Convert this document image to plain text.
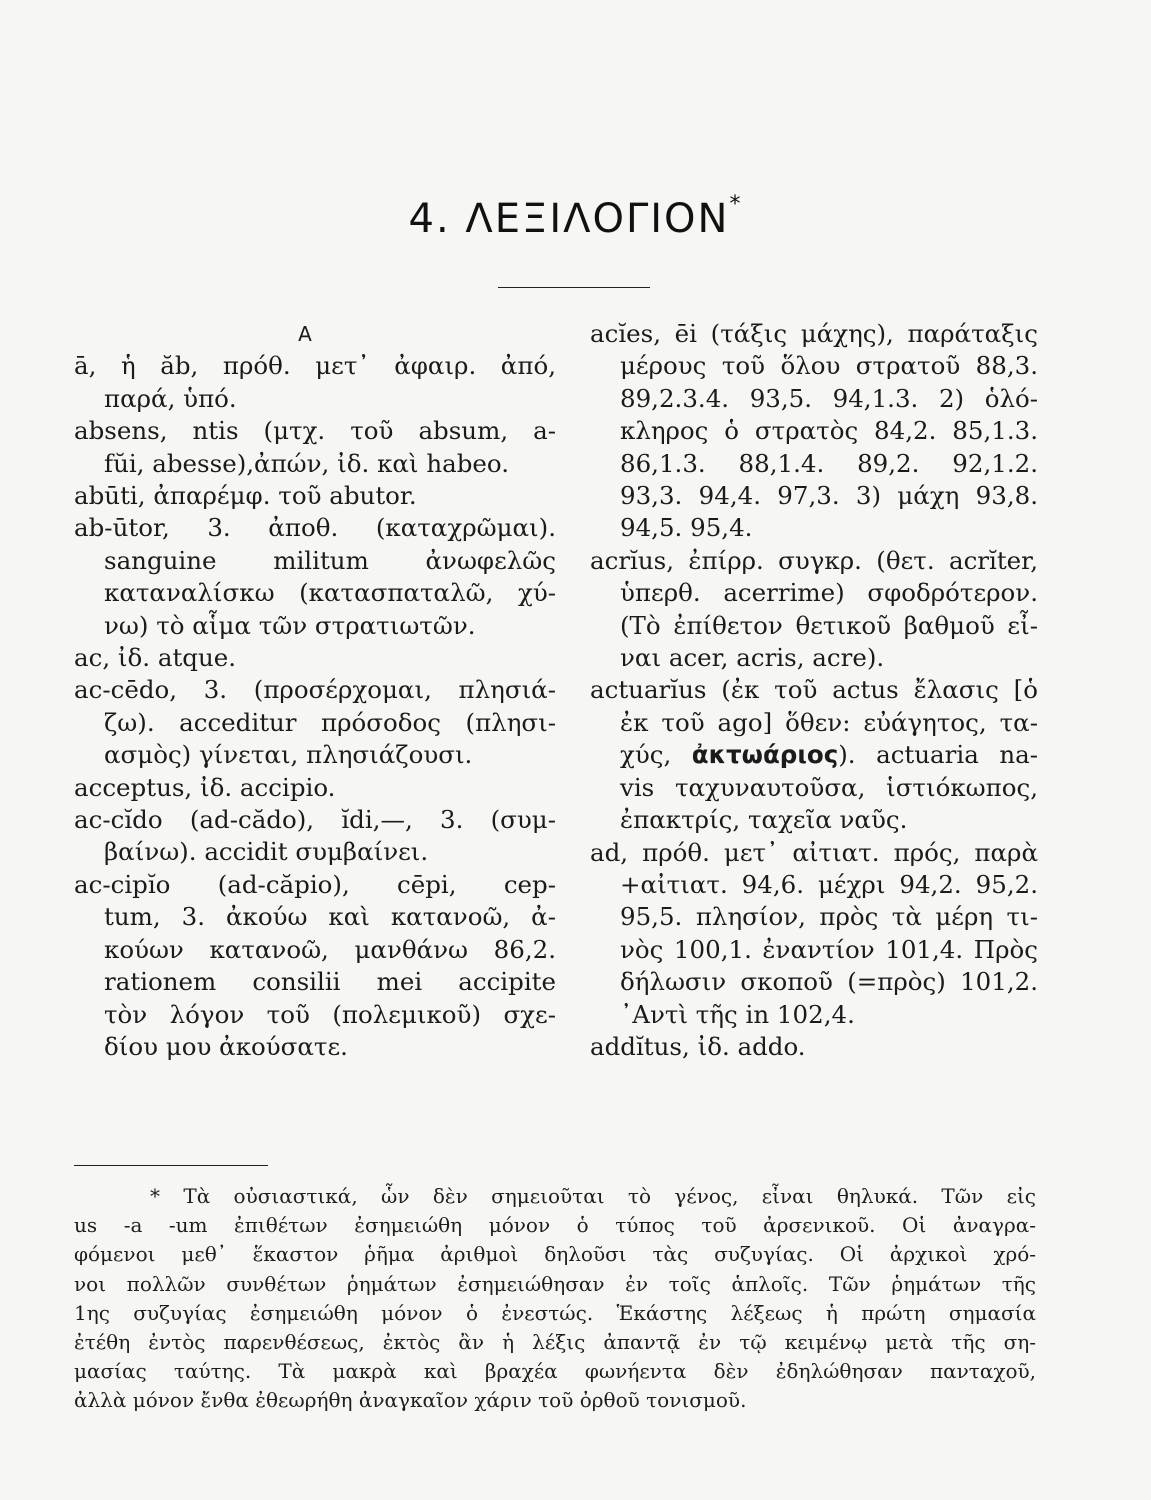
4. ΛΕΞΙΛΟΓΙΟΝ*
Α
ā, ἡ ăb, πρόθ. μετ᾽ ἀφαιρ. ἀπό,
παρά, ὑπό.
absens, ntis (μτχ. τοῦ absum, a-
fŭi, abesse),ἀπών, ἰδ. καὶ habeo.
abūti, ἀπαρέμφ. τοῦ abutor.
ab-ūtor, 3. ἀποθ. (καταχρῶμαι).
sanguine militum ἀνωφελῶς
καταναλίσκω (κατασπαταλῶ, χύ-
νω) τὸ αἷμα τῶν στρατιωτῶν.
ac, ἰδ. atque.
ac-cēdo, 3. (προσέρχομαι, πλησιά-
ζω). acceditur πρόσοδος (πλησι-
ασμὸς) γίνεται, πλησιάζουσι.
acceptus, ἰδ. accipio.
ac-cĭdo (ad-cădo), ĭdi,—, 3. (συμ-
βαίνω). accidit συμβαίνει.
ac-cipĭo (ad-căpio), cēpi, cep-
tum, 3. ἀκούω καὶ κατανοῶ, ἀ-
κούων κατανοῶ, μανθάνω 86,2.
rationem consilii mei accipite
τὸν λόγον τοῦ (πολεμικοῦ) σχε-
δίου μου ἀκούσατε.
acĭes, ēi (τάξις μάχης), παράταξις
μέρους τοῦ ὅλου στρατοῦ 88,3.
89,2.3.4. 93,5. 94,1.3. 2) ὁλό-
κληρος ὁ στρατὸς 84,2. 85,1.3.
86,1.3. 88,1.4. 89,2. 92,1.2.
93,3. 94,4. 97,3. 3) μάχη 93,8.
94,5. 95,4.
acrĭus, ἐπίρρ. συγκρ. (θετ. acrĭter,
ὑπερθ. acerrime) σφοδρότερον.
(Τὸ ἐπίθετον θετικοῦ βαθμοῦ εἶ-
ναι acer, acris, acre).
actuarĭus (ἐκ τοῦ actus ἔλασις [ὁ
ἐκ τοῦ ago] ὅθεν: εὐάγητος, τα-
χύς, ἀκτωάριος). actuaria na-
vis ταχυναυτοῦσα, ἱστιόκωπος,
ἐπακτρίς, ταχεῖα ναῦς.
ad, πρόθ. μετ᾽ αἰτιατ. πρός, παρὰ
+αἰτιατ. 94,6. μέχρι 94,2. 95,2.
95,5. πλησίον, πρὸς τὰ μέρη τι-
νὸς 100,1. ἐναντίον 101,4. Πρὸς
δήλωσιν σκοποῦ (=πρὸς) 101,2.
᾽Αντὶ τῆς in 102,4.
addĭtus, ἰδ. addo.
* Τὰ οὐσιαστικά, ὧν δὲν σημειοῦται τὸ γένος, εἶναι θηλυκά. Τῶν εἰς
us -a -um ἐπιθέτων ἐσημειώθη μόνον ὁ τύπος τοῦ ἀρσενικοῦ. Οἱ ἀναγρα-
φόμενοι μεθ᾽ ἕκαστον ῥῆμα ἀριθμοὶ δηλοῦσι τὰς συζυγίας. Οἱ ἀρχικοὶ χρό-
νοι πολλῶν συνθέτων ῥημάτων ἐσημειώθησαν ἐν τοῖς ἁπλοῖς. Τῶν ῥημάτων τῆς
1ης συζυγίας ἐσημειώθη μόνον ὁ ἐνεστώς. Ἑκάστης λέξεως ἡ πρώτη σημασία
ἐτέθη ἐντὸς παρενθέσεως, ἐκτὸς ἂν ἡ λέξις ἀπαντᾷ ἐν τῷ κειμένῳ μετὰ τῆς ση-
μασίας ταύτης. Τὰ μακρὰ καὶ βραχέα φωνήεντα δὲν ἐδηλώθησαν πανταχοῦ,
ἀλλὰ μόνον ἔνθα ἐθεωρήθη ἀναγκαῖον χάριν τοῦ ὀρθοῦ τονισμοῦ.
